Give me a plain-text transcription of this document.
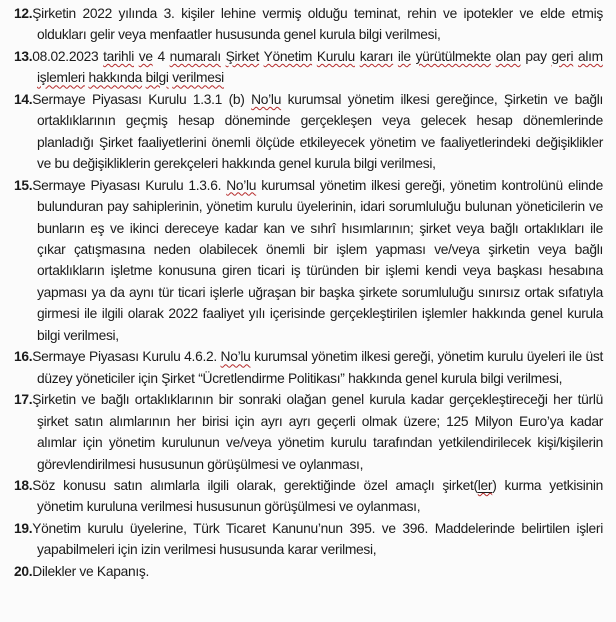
12.Şirketin 2022 yılında 3. kişiler lehine vermiş olduğu teminat, rehin ve ipotekler ve elde etmiş oldukları gelir veya menfaatler hususunda genel kurula bilgi verilmesi,

13.08.02.2023 tarihli ve 4 numaralı Şirket Yönetim Kurulu kararı ile yürütülmekte olan pay geri alım işlemleri hakkında bilgi verilmesi

14.Sermaye Piyasası Kurulu 1.3.1 (b) No’lu kurumsal yönetim ilkesi gereğince, Şirketin ve bağlı ortaklıklarının geçmiş hesap döneminde gerçekleşen veya gelecek hesap dönemlerinde planladığı Şirket faaliyetlerini önemli ölçüde etkileyecek yönetim ve faaliyetlerindeki değişiklikler ve bu değişikliklerin gerekçeleri hakkında genel kurula bilgi verilmesi,

15.Sermaye Piyasası Kurulu 1.3.6. No’lu kurumsal yönetim ilkesi gereği, yönetim kontrolünü elinde bulunduran pay sahiplerinin, yönetim kurulu üyelerinin, idari sorumluluğu bulunan yöneticilerin ve bunların eş ve ikinci dereceye kadar kan ve sıhrî hısımlarının; şirket veya bağlı ortaklıkları ile çıkar çatışmasına neden olabilecek önemli bir işlem yapması ve/veya şirketin veya bağlı ortaklıkların işletme konusuna giren ticari iş türünden bir işlemi kendi veya başkası hesabına yapması ya da aynı tür ticari işlerle uğraşan bir başka şirkete sorumluluğu sınırsız ortak sıfatıyla girmesi ile ilgili olarak 2022 faaliyet yılı içerisinde gerçekleştirilen işlemler hakkında genel kurula bilgi verilmesi,

16.Sermaye Piyasası Kurulu 4.6.2. No’lu kurumsal yönetim ilkesi gereği, yönetim kurulu üyeleri ile üst düzey yöneticiler için Şirket “Ücretlendirme Politikası” hakkında genel kurula bilgi verilmesi,

17.Şirketin ve bağlı ortaklıklarının bir sonraki olağan genel kurula kadar gerçekleştireceği her türlü şirket satın alımlarının her birisi için ayrı ayrı geçerli olmak üzere; 125 Milyon Euro’ya kadar alımlar için yönetim kurulunun ve/veya yönetim kurulu tarafından yetkilendirilecek kişi/kişilerin görevlendirilmesi hususunun görüşülmesi ve oylanması,

18.Söz konusu satın alımlarla ilgili olarak, gerektiğinde özel amaçlı şirket(ler) kurma yetkisinin yönetim kuruluna verilmesi hususunun görüşülmesi ve oylanması,

19.Yönetim kurulu üyelerine, Türk Ticaret Kanunu’nun 395. ve 396. Maddelerinde belirtilen işleri yapabilmeleri için izin verilmesi hususunda karar verilmesi,

20.Dilekler ve Kapanış.
